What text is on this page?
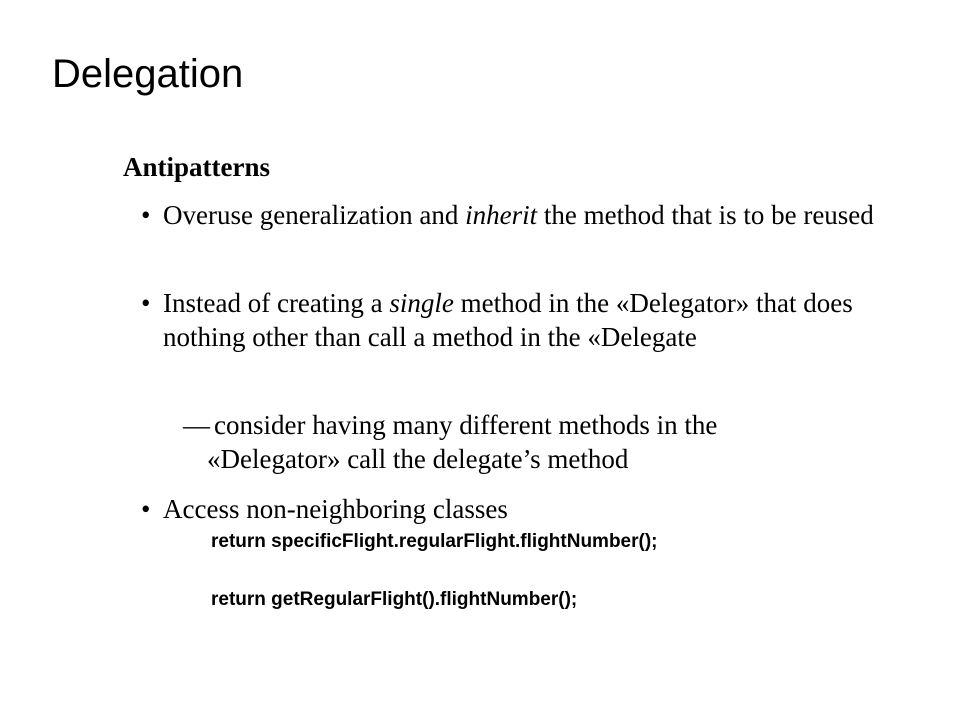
Delegation
Antipatterns
• Overuse generalization and inherit the method that is to be reused
• Instead of creating a single method in the «Delegator» that does nothing other than call a method in the «Delegate
— consider having many different methods in the
«Delegator» call the delegate’s method
• Access non-neighboring classes
return specificFlight.regularFlight.flightNumber();
return getRegularFlight().flightNumber();
